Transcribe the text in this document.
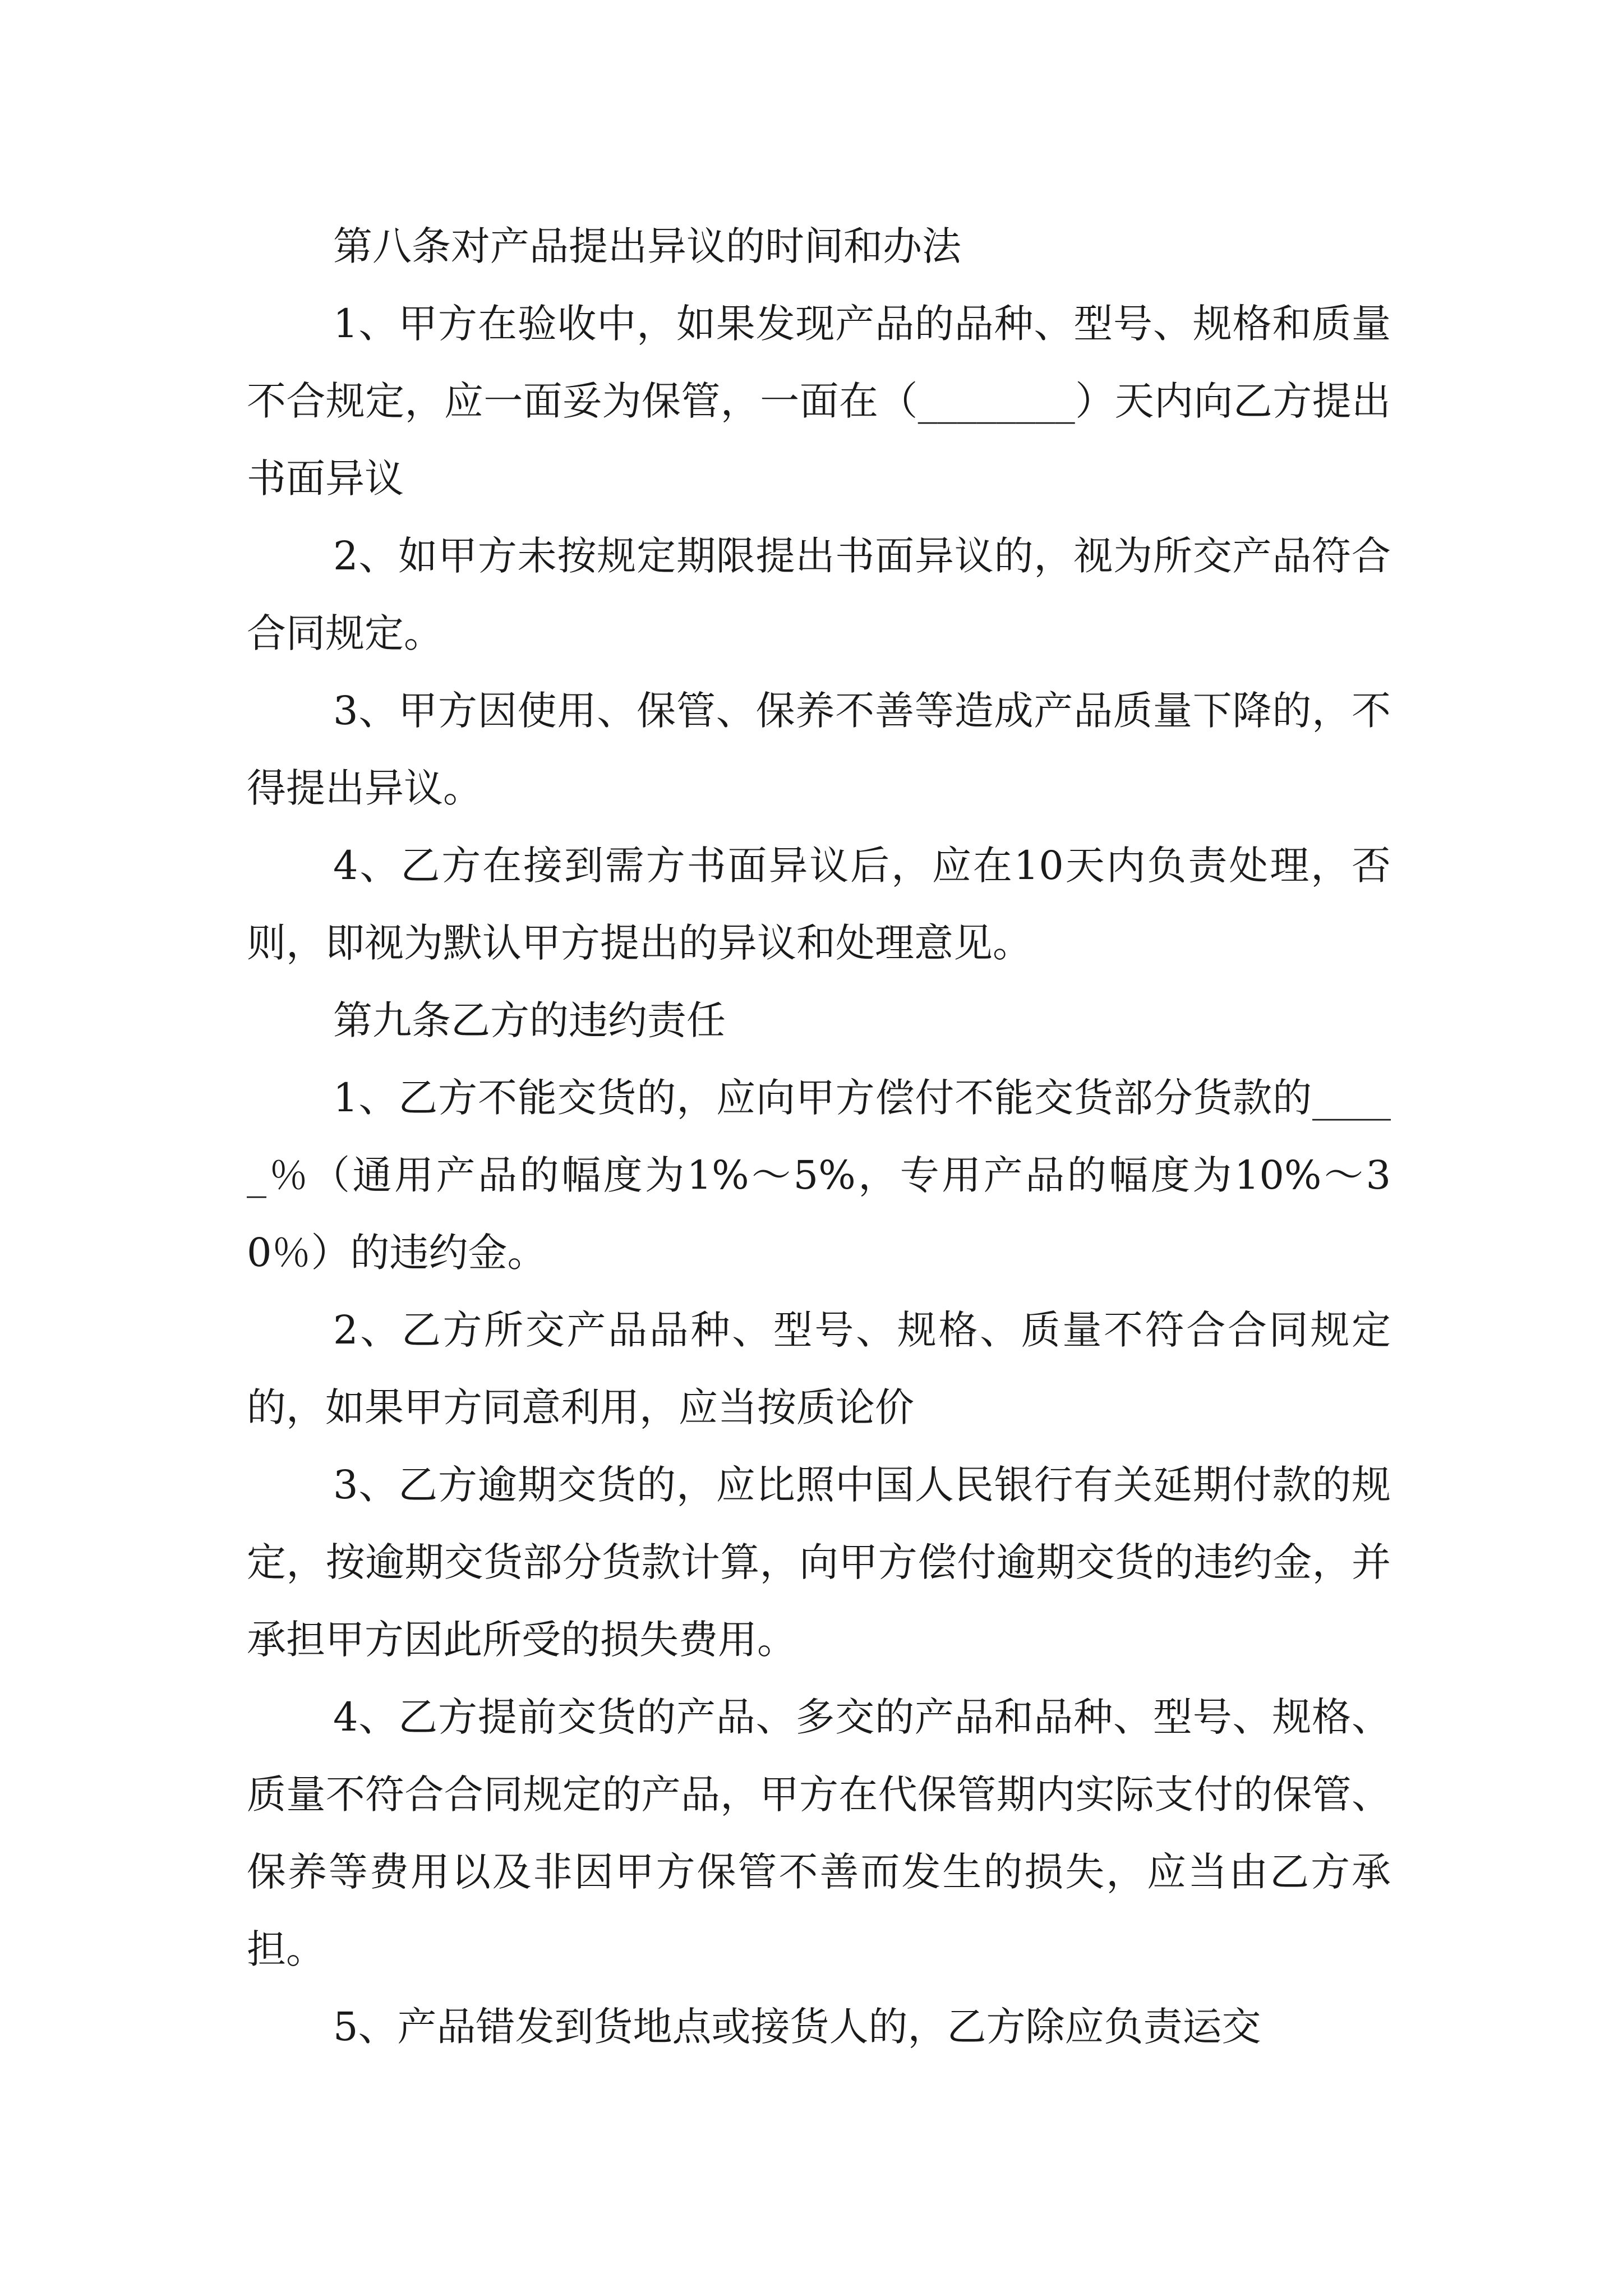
第八条对产品提出异议的时间和办法

1、甲方在验收中，如果发现产品的品种、型号、规格和质量不合规定，应一面妥为保管，一面在（________）天内向乙方提出书面异议

2、如甲方未按规定期限提出书面异议的，视为所交产品符合合同规定。

3、甲方因使用、保管、保养不善等造成产品质量下降的，不得提出异议。

4、乙方在接到需方书面异议后，应在10天内负责处理，否则，即视为默认甲方提出的异议和处理意见。

第九条乙方的违约责任

1、乙方不能交货的，应向甲方偿付不能交货部分货款的_____％（通用产品的幅度为1%～5%，专用产品的幅度为10%～30％）的违约金。

2、乙方所交产品品种、型号、规格、质量不符合合同规定的，如果甲方同意利用，应当按质论价

3、乙方逾期交货的，应比照中国人民银行有关延期付款的规定，按逾期交货部分货款计算，向甲方偿付逾期交货的违约金，并承担甲方因此所受的损失费用。

4、乙方提前交货的产品、多交的产品和品种、型号、规格、质量不符合合同规定的产品，甲方在代保管期内实际支付的保管、保养等费用以及非因甲方保管不善而发生的损失，应当由乙方承担。

5、产品错发到货地点或接货人的，乙方除应负责运交
